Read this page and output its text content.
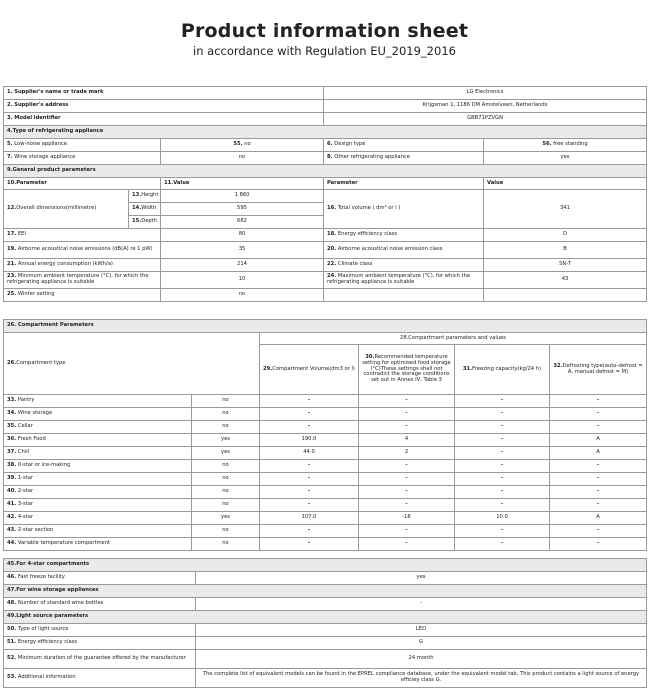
Product information sheet
in accordance with Regulation EU_2019_2016
1. Supplier's name or trade mark			LG Electronics	
2. Supplier's address			Krijgsman 1, 1186 DM Amstelveen, Netherlands	
3. Model identifier			GBB71PZVGN	
4.Type of refrigerating appliance				
5. Low-noise appliance		55. no	6. Design type	56. free standing
7. Wine storage appliance		no	8. Other refrigerating appliance	yes
9.General product parameters				
10.Parameter		11.Value	Parameter	Value
12.Overall dimensions(millimetre)	13.Height	1 860	16. Total volume ( dm³ or l )	341
	14.Width	595		
	15.Depth	682		
17. EEI		80	18. Energy efficiency class	D
19. Airborne acoustical noise emissions (dB(A) re 1 pW)		35	20. Airborne acoustical noise emission class	B
21. Annual energy consumption (kWh/a)		214	22. Climate class	SN-T
23. Minimum ambient temperature (°C), for which the refrigerating appliance is suitable		10	24. Maximum ambient temperature (°C), for which the refrigerating appliance is suitable	43
25. Winter setting		no		
26. Compartment Parameters					
26.Compartment type		28.Compartment parameters and values			
		29.Compartment Volume(dm3 or l)	30.Recommended temperature setting for optimised food storage (°C)These settings shall not contradict the storage conditions set out in Annex IV, Table 3	31.Freezing capacity(kg/24 h)	32.Defrosting type(auto-defrost = A, manual defrost = M)
33. Pantry	no	-	-	-	-
34. Wine storage	no	-	-	-	-
35. Cellar	no	-	-	-	-
36. Fresh Food	yes	190.0	4	-	A
37. Chill	yes	44.0	2	-	A
38. 0-star or ice-making	no	-	-	-	-
39. 1-star	no	-	-	-	-
40. 2-star	no	-	-	-	-
41. 3-star	no	-	-	-	-
42. 4-star	yes	107.0	-18	10.0	A
43. 2-star section	no	-	-	-	-
44. Variable temperature compartment	no	-	-	-	-
45.For 4-star compartments	
46. Fast freeze facility	yes
47.For wine storage appliances	
48. Number of standard wine bottles	-
49.Light source parameters	
50. Type of light source	LED
51. Energy efficiency class	G
52. Minimum duration of the guarantee offered by the manufacturer	24 month
53. Additional information	The complete list of equivalent models can be found in the EPREL compliance database, under the equivalent model tab, This product contains a light source of energy efficiey class G.
